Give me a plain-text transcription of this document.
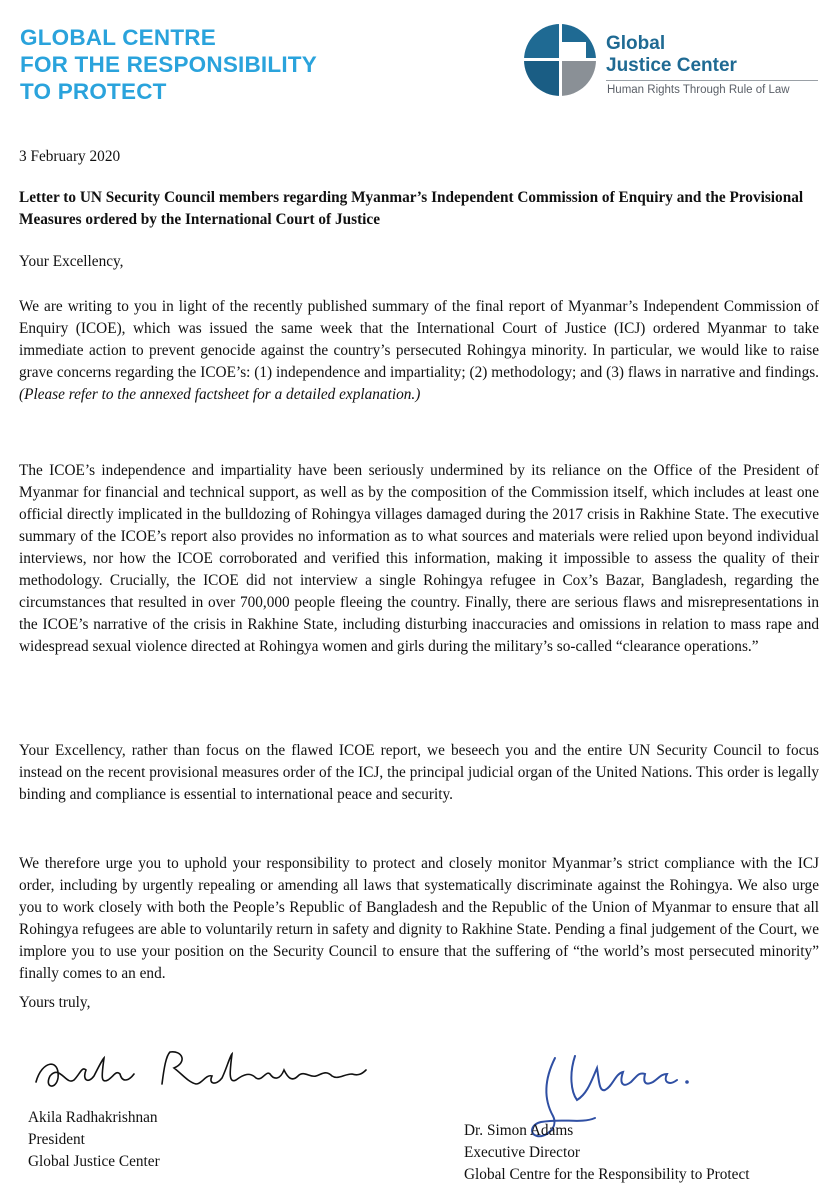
GLOBAL CENTRE
FOR THE RESPONSIBILITY
TO PROTECT
Global
Justice Center
Human Rights Through Rule of Law
3 February 2020
Letter to UN Security Council members regarding Myanmar’s Independent Commission of Enquiry and the Provisional Measures ordered by the International Court of Justice
Your Excellency,
We are writing to you in light of the recently published summary of the final report of Myanmar’s Independent Commission of Enquiry (ICOE), which was issued the same week that the International Court of Justice (ICJ) ordered Myanmar to take immediate action to prevent genocide against the country’s persecuted Rohingya minority. In particular, we would like to raise grave concerns regarding the ICOE’s: (1) independence and impartiality; (2) methodology; and (3) flaws in narrative and findings. (Please refer to the annexed factsheet for a detailed explanation.)
The ICOE’s independence and impartiality have been seriously undermined by its reliance on the Office of the President of Myanmar for financial and technical support, as well as by the composition of the Commission itself, which includes at least one official directly implicated in the bulldozing of Rohingya villages damaged during the 2017 crisis in Rakhine State. The executive summary of the ICOE’s report also provides no information as to what sources and materials were relied upon beyond individual interviews, nor how the ICOE corroborated and verified this information, making it impossible to assess the quality of their methodology. Crucially, the ICOE did not interview a single Rohingya refugee in Cox’s Bazar, Bangladesh, regarding the circumstances that resulted in over 700,000 people fleeing the country. Finally, there are serious flaws and misrepresentations in the ICOE’s narrative of the crisis in Rakhine State, including disturbing inaccuracies and omissions in relation to mass rape and widespread sexual violence directed at Rohingya women and girls during the military’s so-called “clearance operations.”
Your Excellency, rather than focus on the flawed ICOE report, we beseech you and the entire UN Security Council to focus instead on the recent provisional measures order of the ICJ, the principal judicial organ of the United Nations. This order is legally binding and compliance is essential to international peace and security.
We therefore urge you to uphold your responsibility to protect and closely monitor Myanmar’s strict compliance with the ICJ order, including by urgently repealing or amending all laws that systematically discriminate against the Rohingya. We also urge you to work closely with both the People’s Republic of Bangladesh and the Republic of the Union of Myanmar to ensure that all Rohingya refugees are able to voluntarily return in safety and dignity to Rakhine State. Pending a final judgement of the Court, we implore you to use your position on the Security Council to ensure that the suffering of “the world’s most persecuted minority” finally comes to an end.
Yours truly,
Akila Radhakrishnan
President
Global Justice Center
Dr. Simon Adams
Executive Director
Global Centre for the Responsibility to Protect
